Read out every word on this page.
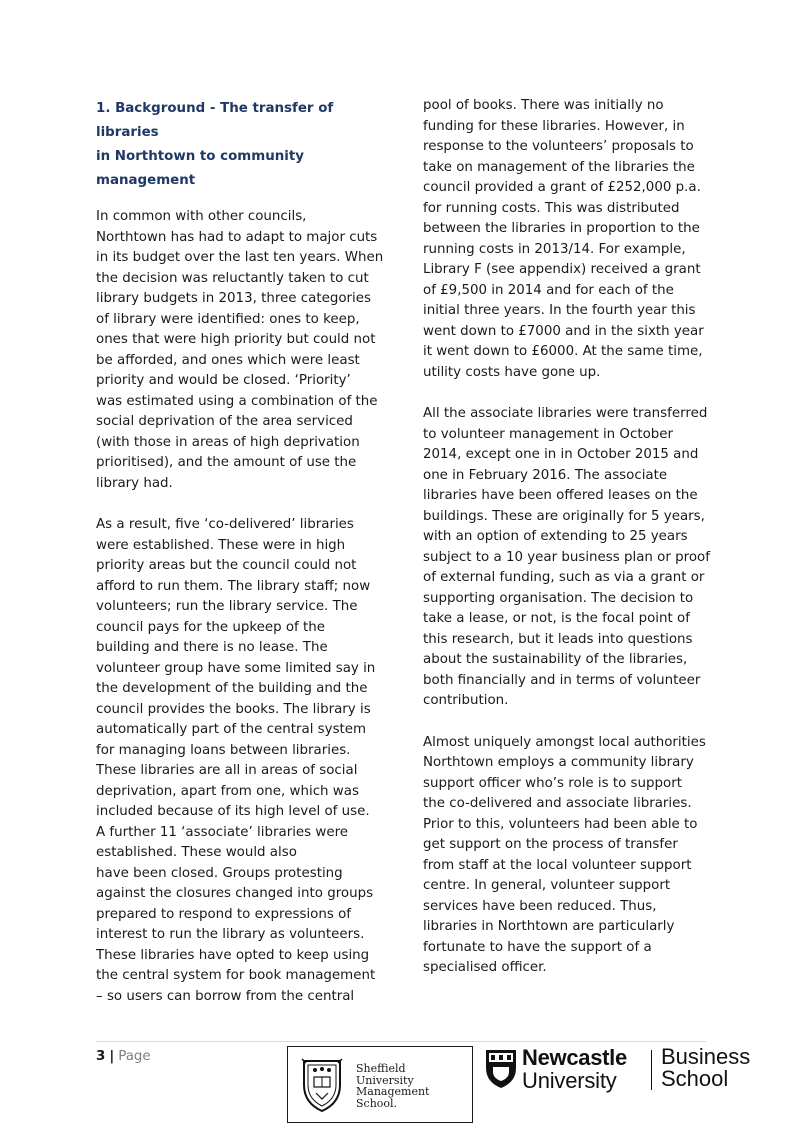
1. Background - The transfer of libraries
in Northtown to community
management
In common with other councils,
Northtown has had to adapt to major cuts
in its budget over the last ten years. When
the decision was reluctantly taken to cut
library budgets in 2013, three categories
of library were identified: ones to keep,
ones that were high priority but could not
be afforded, and ones which were least
priority and would be closed. ‘Priority’
was estimated using a combination of the
social deprivation of the area serviced
(with those in areas of high deprivation
prioritised), and the amount of use the
library had.
As a result, five ‘co-delivered’ libraries
were established. These were in high
priority areas but the council could not
afford to run them. The library staff; now
volunteers; run the library service. The
council pays for the upkeep of the
building and there is no lease. The
volunteer group have some limited say in
the development of the building and the
council provides the books. The library is
automatically part of the central system
for managing loans between libraries.
These libraries are all in areas of social
deprivation, apart from one, which was
included because of its high level of use.
A further 11 ‘associate’ libraries were
established. These would also
have been closed. Groups protesting
against the closures changed into groups
prepared to respond to expressions of
interest to run the library as volunteers.
These libraries have opted to keep using
the central system for book management
– so users can borrow from the central
pool of books. There was initially no
funding for these libraries. However, in
response to the volunteers’ proposals to
take on management of the libraries the
council provided a grant of £252,000 p.a.
for running costs. This was distributed
between the libraries in proportion to the
running costs in 2013/14. For example,
Library F (see appendix) received a grant
of £9,500 in 2014 and for each of the
initial three years. In the fourth year this
went down to £7000 and in the sixth year
it went down to £6000. At the same time,
utility costs have gone up.
All the associate libraries were transferred
to volunteer management in October
2014, except one in in October 2015 and
one in February 2016. The associate
libraries have been offered leases on the
buildings. These are originally for 5 years,
with an option of extending to 25 years
subject to a 10 year business plan or proof
of external funding, such as via a grant or
supporting organisation. The decision to
take a lease, or not, is the focal point of
this research, but it leads into questions
about the sustainability of the libraries,
both financially and in terms of volunteer
contribution.
Almost uniquely amongst local authorities
Northtown employs a community library
support officer who’s role is to support
the co-delivered and associate libraries.
Prior to this, volunteers had been able to
get support on the process of transfer
from staff at the local volunteer support
centre. In general, volunteer support
services have been reduced. Thus,
libraries in Northtown are particularly
fortunate to have the support of a
specialised officer.
3 | Page
Sheffield
University
Management
School.
Newcastle
University
Business
School
